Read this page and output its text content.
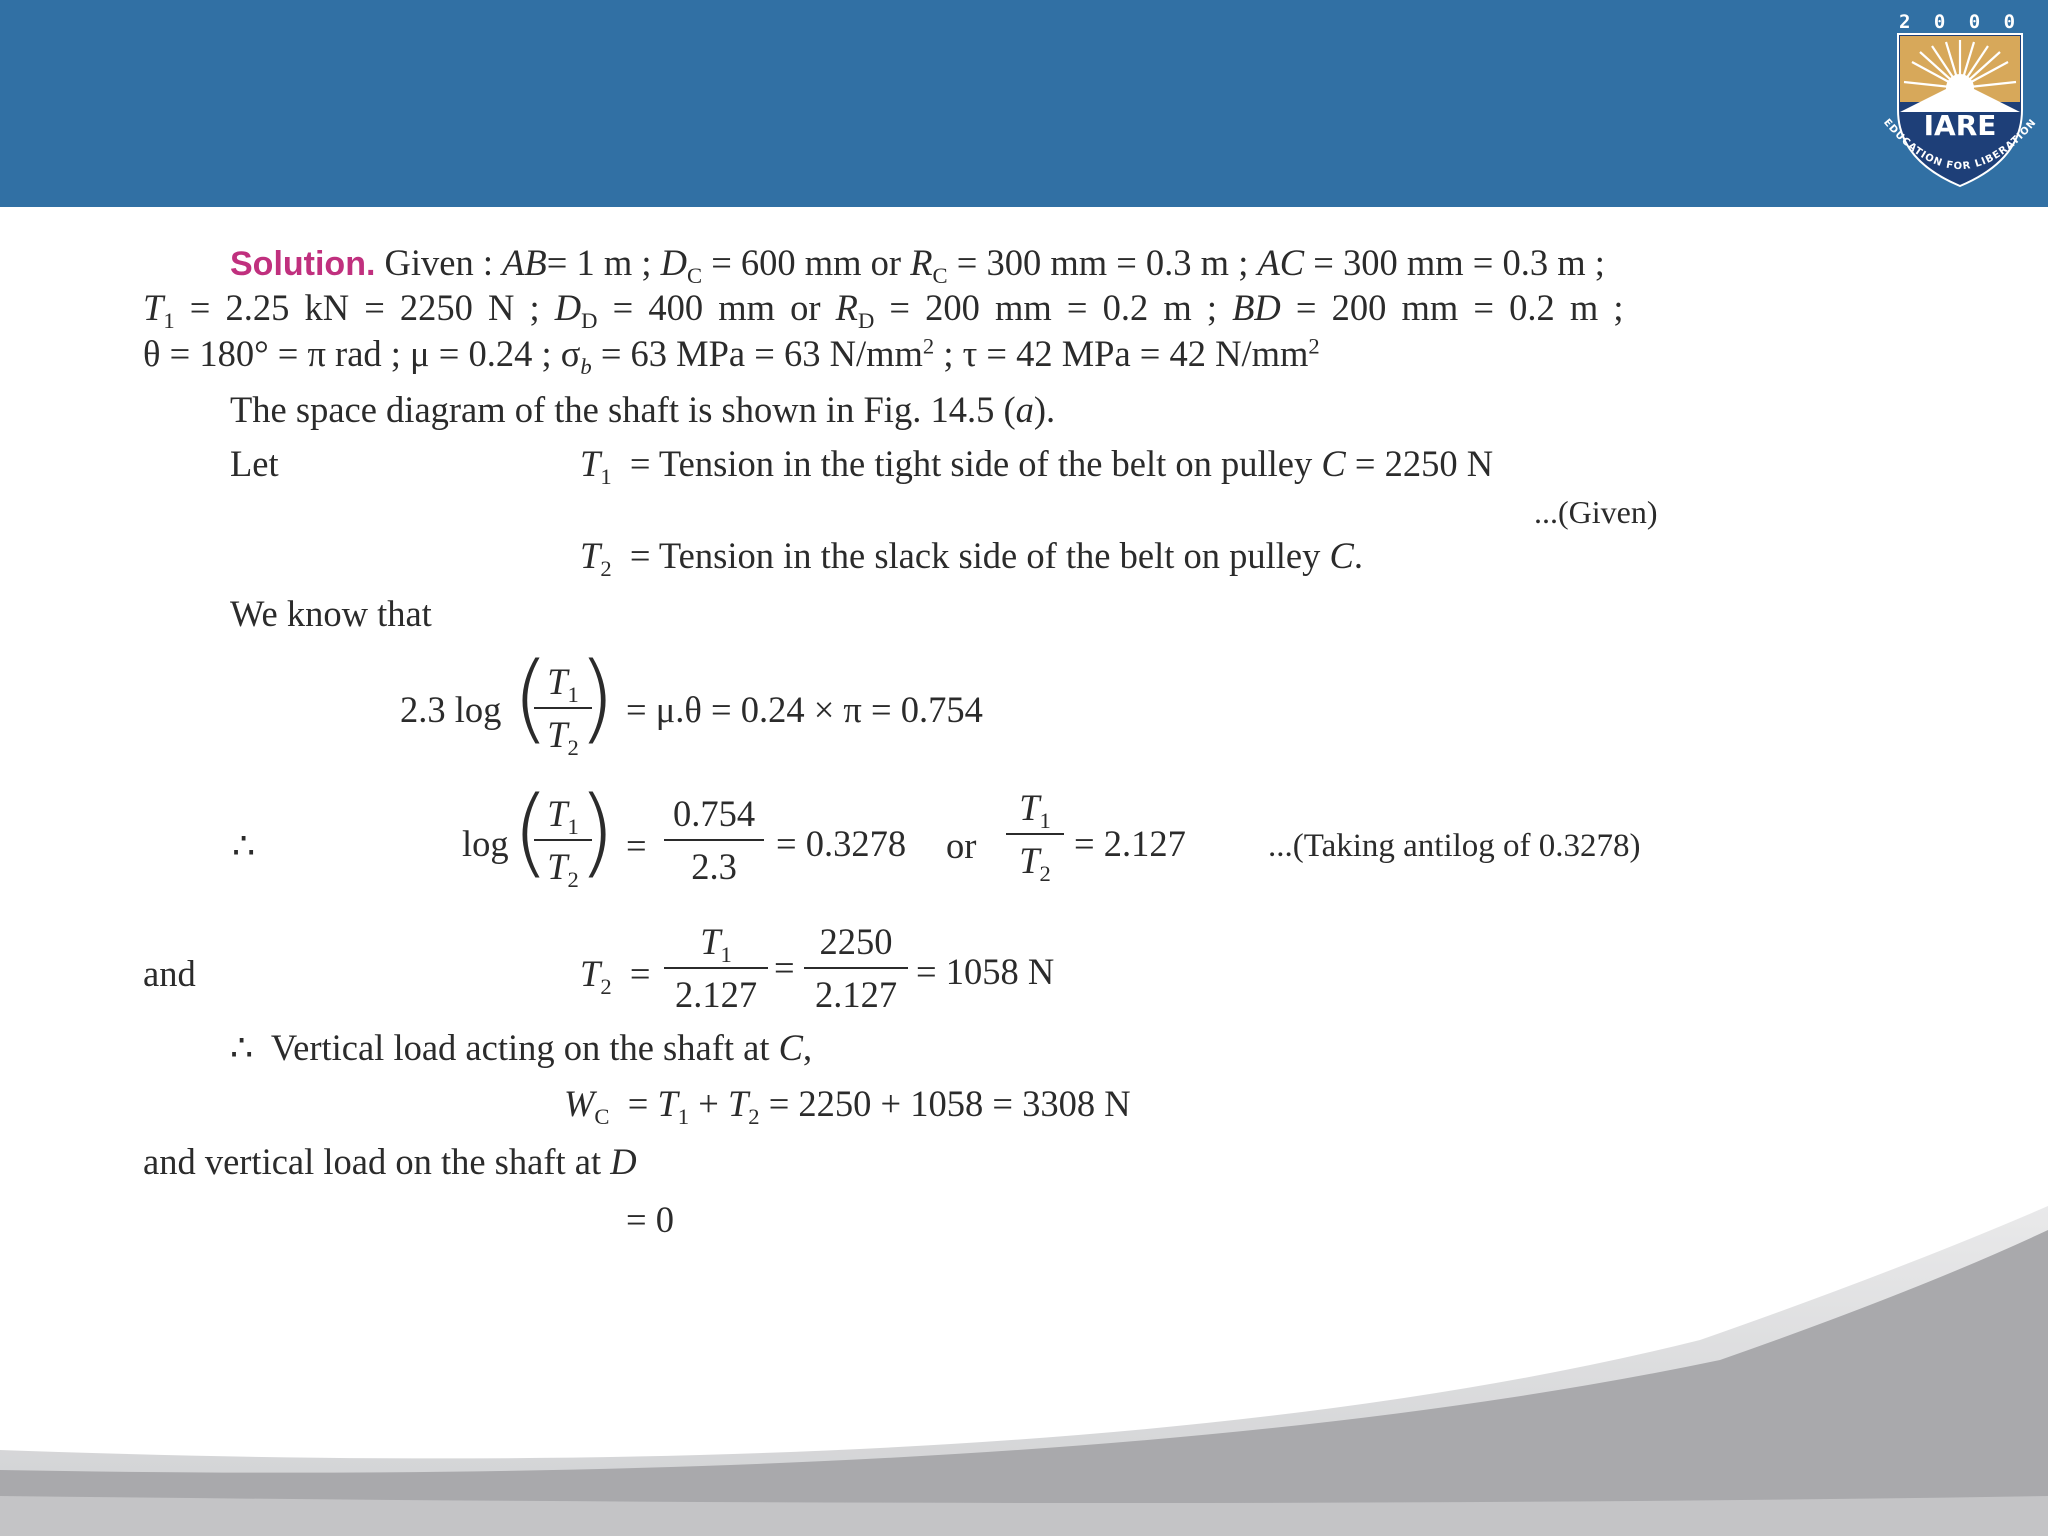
2 0 0 0
IARE
EDUCATION FOR LIBERATION
Solution. Given : AB= 1 m ; $D_C = 600$ mm or $R_C = 300$ mm = 0.3 m ; AC = 300 mm = 0.3 m ;
$T_1 = 2.25$ kN = 2250 N ; $D_D = 400$ mm or $R_D = 200$ mm = 0.2 m ; BD = 200 mm = 0.2 m ;
θ = 180° = π rad ; μ = 0.24 ; $\sigma_b = 63$ MPa = 63 $N/mm^2$ ; τ = 42 MPa = 42 $N/mm^2$
The space diagram of the shaft is shown in Fig. 14.5 (a).
Let	$T_1$ = Tension in the tight side of the belt on pulley C = 2250 N
...(Given)
$T_2$ = Tension in the slack side of the belt on pulley C.
We know that
2.3 log (
$\frac{T_1}{T_2}$
) = μ.θ = 0.24 × π = 0.754
∴	log (
$\frac{T_1}{T_2}$
) = $\frac{0.754}{2.3} = 0.3278$ or $\frac{T_1}{T_2} = 2.127$ ...(Taking antilog of 0.3278)
and	$T_2 = \frac{T_1}{2.127} = \frac{2250}{2.127} = 1058$ N
∴ Vertical load acting on the shaft at C,
$W_C = T_1 + T_2 = 2250 + 1058 = 3308$ N
and vertical load on the shaft at D
= 0
